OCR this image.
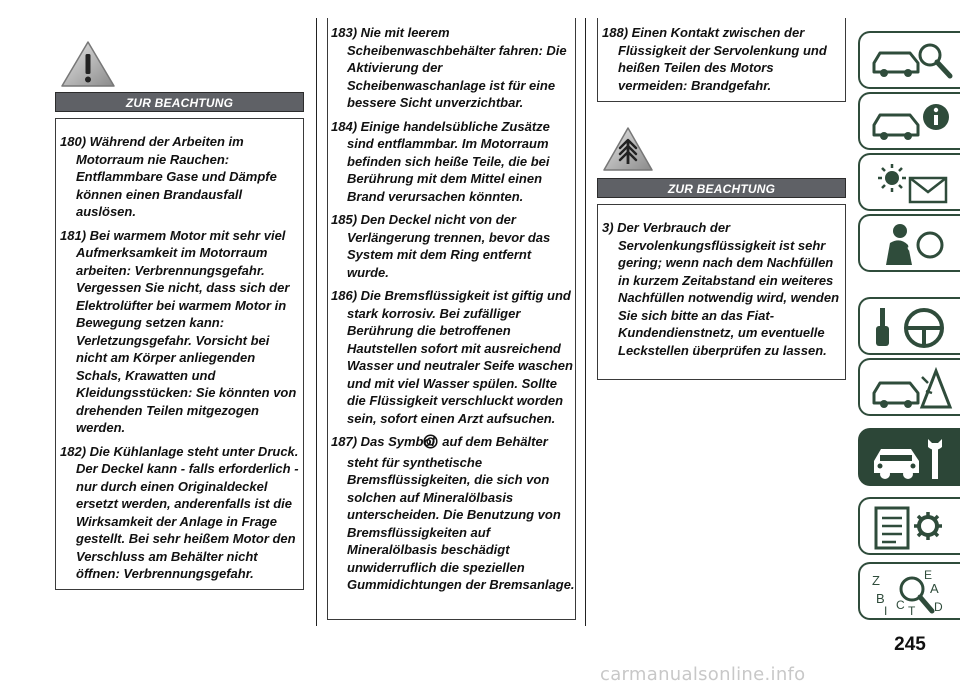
ZUR BEACHTUNG
180) Während der Arbeiten im Motorraum nie Rauchen: Entflammbare Gase und Dämpfe können einen Brandausfall auslösen.
181) Bei warmem Motor mit sehr viel Aufmerksamkeit im Motorraum arbeiten: Verbrennungsgefahr. Vergessen Sie nicht, dass sich der Elektrolüfter bei warmem Motor in Bewegung setzen kann: Verletzungsgefahr. Vorsicht bei nicht am Körper anliegenden Schals, Krawatten und Kleidungsstücken: Sie könnten von drehenden Teilen mitgezogen werden.
182) Die Kühlanlage steht unter Druck. Der Deckel kann - falls erforderlich - nur durch einen Originaldeckel ersetzt werden, anderenfalls ist die Wirksamkeit der Anlage in Frage gestellt. Bei sehr heißem Motor den Verschluss am Behälter nicht öffnen: Verbrennungsgefahr.
183) Nie mit leerem Scheibenwaschbehälter fahren: Die Aktivierung der Scheibenwaschanlage ist für eine bessere Sicht unverzichtbar.
184) Einige handelsübliche Zusätze sind entflammbar. Im Motorraum befinden sich heiße Teile, die bei Berührung mit dem Mittel einen Brand verursachen könnten.
185) Den Deckel nicht von der Verlängerung trennen, bevor das System mit dem Ring entfernt wurde.
186) Die Bremsflüssigkeit ist giftig und stark korrosiv. Bei zufälliger Berührung die betroffenen Hautstellen sofort mit ausreichend Wasser und neutraler Seife waschen und mit viel Wasser spülen. Sollte die Flüssigkeit verschluckt worden sein, sofort einen Arzt aufsuchen.
187) Das Symbol auf dem Behälter steht für synthetische Bremsflüssigkeiten, die sich von solchen auf Mineralölbasis unterscheiden. Die Benutzung von Bremsflüssigkeiten auf Mineralölbasis beschädigt unwiderruflich die speziellen Gummidichtungen der Bremsanlage.
188) Einen Kontakt zwischen der Flüssigkeit der Servolenkung und heißen Teilen des Motors vermeiden: Brandgefahr.
ZUR BEACHTUNG
3) Der Verbrauch der Servolenkungsflüssigkeit ist sehr gering; wenn nach dem Nachfüllen in kurzem Zeitabstand ein weiteres Nachfüllen notwendig wird, wenden Sie sich bitte an das Fiat-Kundendienstnetz, um eventuelle Leckstellen überprüfen zu lassen.
Z	E
B
A
D
I C T
245
carmanualsonline.info
